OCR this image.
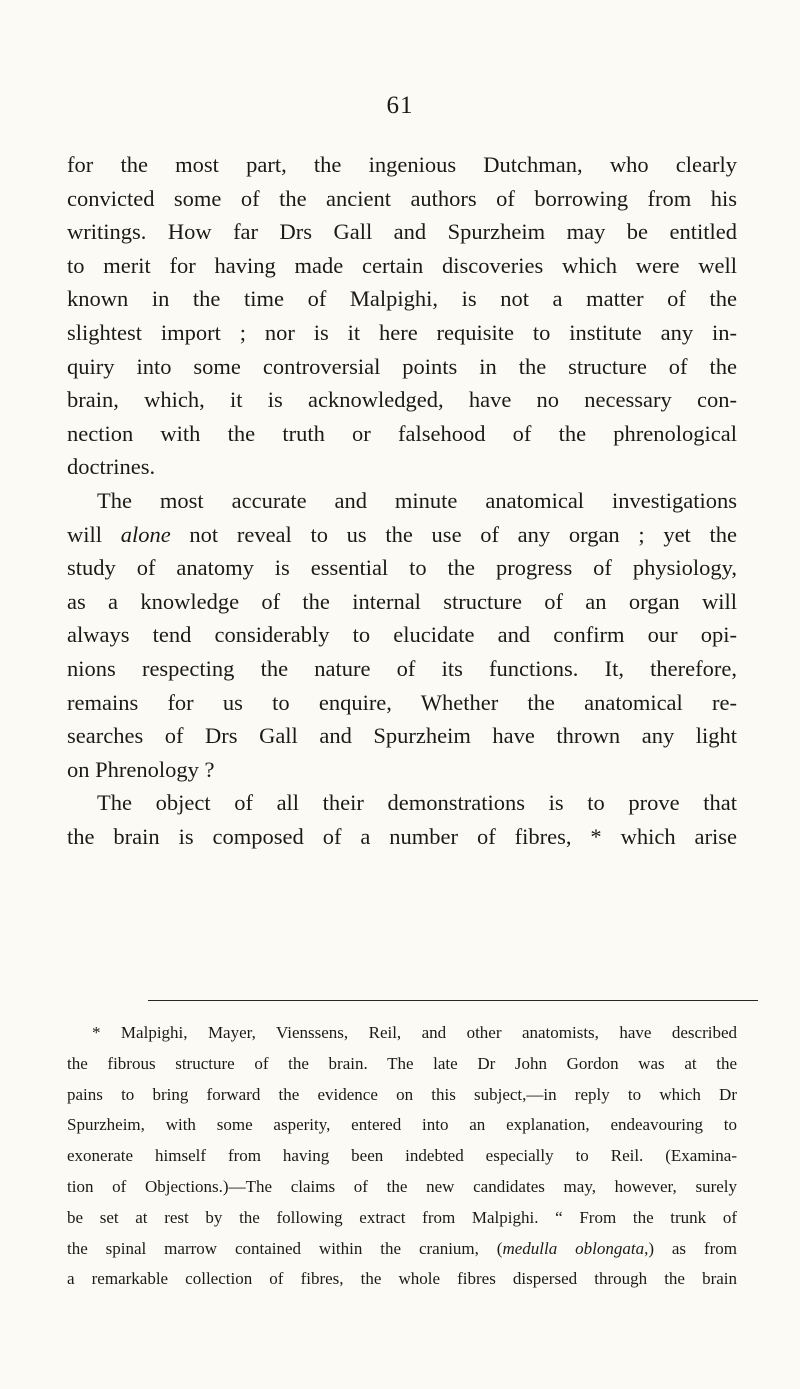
61
for the most part, the ingenious Dutchman, who clearly
convicted some of the ancient authors of borrowing from his
writings. How far Drs Gall and Spurzheim may be entitled
to merit for having made certain discoveries which were well
known in the time of Malpighi, is not a matter of the
slightest import ; nor is it here requisite to institute any in-
quiry into some controversial points in the structure of the
brain, which, it is acknowledged, have no necessary con-
nection with the truth or falsehood of the phrenological
doctrines.
The most accurate and minute anatomical investigations
will alone not reveal to us the use of any organ ; yet the
study of anatomy is essential to the progress of physiology,
as a knowledge of the internal structure of an organ will
always tend considerably to elucidate and confirm our opi-
nions respecting the nature of its functions. It, therefore,
remains for us to enquire, Whether the anatomical re-
searches of Drs Gall and Spurzheim have thrown any light
on Phrenology ?
The object of all their demonstrations is to prove that
the brain is composed of a number of fibres, * which arise
* Malpighi, Mayer, Vienssens, Reil, and other anatomists, have described
the fibrous structure of the brain. The late Dr John Gordon was at the
pains to bring forward the evidence on this subject,—in reply to which Dr
Spurzheim, with some asperity, entered into an explanation, endeavouring to
exonerate himself from having been indebted especially to Reil. (Examina-
tion of Objections.)—The claims of the new candidates may, however, surely
be set at rest by the following extract from Malpighi. “ From the trunk of
the spinal marrow contained within the cranium, (medulla oblongata,) as from
a remarkable collection of fibres, the whole fibres dispersed through the brain
